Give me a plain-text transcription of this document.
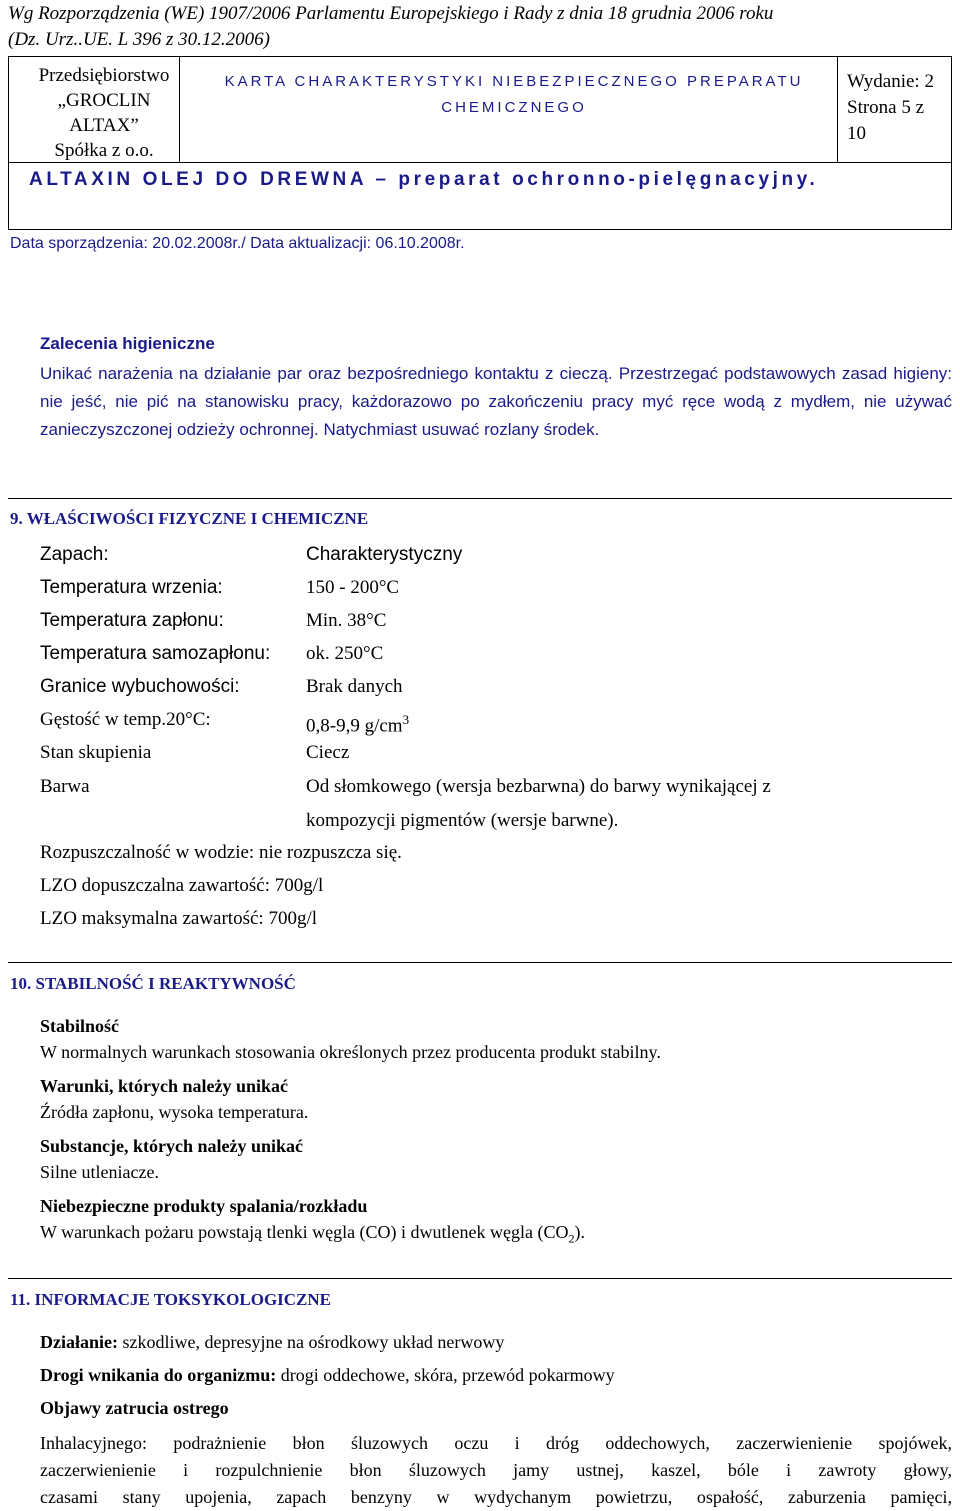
Wg Rozporządzenia (WE) 1907/2006 Parlamentu Europejskiego i Rady z dnia 18 grudnia 2006 roku
(Dz. Urz..UE. L 396 z 30.12.2006)
Przedsiębiorstwo
„GROCLIN
ALTAX”
Spółka z o.o.
KARTA CHARAKTERYSTYKI NIEBEZPIECZNEGO PREPARATU
CHEMICZNEGO
Wydanie: 2
Strona 5 z
10
ALTAXIN OLEJ DO DREWNA – preparat ochronno-pielęgnacyjny.
Data sporządzenia: 20.02.2008r./ Data aktualizacji: 06.10.2008r.
Zalecenia higieniczne
Unikać narażenia na działanie par oraz bezpośredniego kontaktu z cieczą. Przestrzegać podstawowych zasad higieny: nie jeść, nie pić na stanowisku pracy, każdorazowo po zakończeniu pracy myć ręce wodą z mydłem, nie używać zanieczyszczonej odzieży ochronnej. Natychmiast usuwać rozlany środek.
9. WŁAŚCIWOŚCI FIZYCZNE I CHEMICZNE
Zapach:	Charakterystyczny
Temperatura wrzenia:	150 - 200°C
Temperatura zapłonu:	Min. 38°C
Temperatura samozapłonu: ok. 250°C
Granice wybuchowości:	Brak danych
Gęstość w temp.20°C:	0,8-9,9 $g/cm^3$
Stan skupienia	Ciecz
Barwa	Od słomkowego (wersja bezbarwna) do barwy wynikającej z
kompozycji pigmentów (wersje barwne).
Rozpuszczalność w wodzie: nie rozpuszcza się.
LZO dopuszczalna zawartość: 700g/l
LZO maksymalna zawartość: 700g/l
10. STABILNOŚĆ I REAKTYWNOŚĆ
Stabilność
W normalnych warunkach stosowania określonych przez producenta produkt stabilny.
Warunki, których należy unikać
Źródła zapłonu, wysoka temperatura.
Substancje, których należy unikać
Silne utleniacze.
Niebezpieczne produkty spalania/rozkładu
W warunkach pożaru powstają tlenki węgla (CO) i dwutlenek węgla $(CO_2)$.
11. INFORMACJE TOKSYKOLOGICZNE
Działanie: szkodliwe, depresyjne na ośrodkowy układ nerwowy
Drogi wnikania do organizmu: drogi oddechowe, skóra, przewód pokarmowy
Objawy zatrucia ostrego
Inhalacyjnego: podrażnienie błon śluzowych oczu i dróg oddechowych, zaczerwienienie spojówek,
zaczerwienienie i rozpulchnienie błon śluzowych jamy ustnej, kaszel, bóle i zawroty głowy,
czasami stany upojenia, zapach benzyny w wydychanym powietrzu, ospałość, zaburzenia pamięci,
